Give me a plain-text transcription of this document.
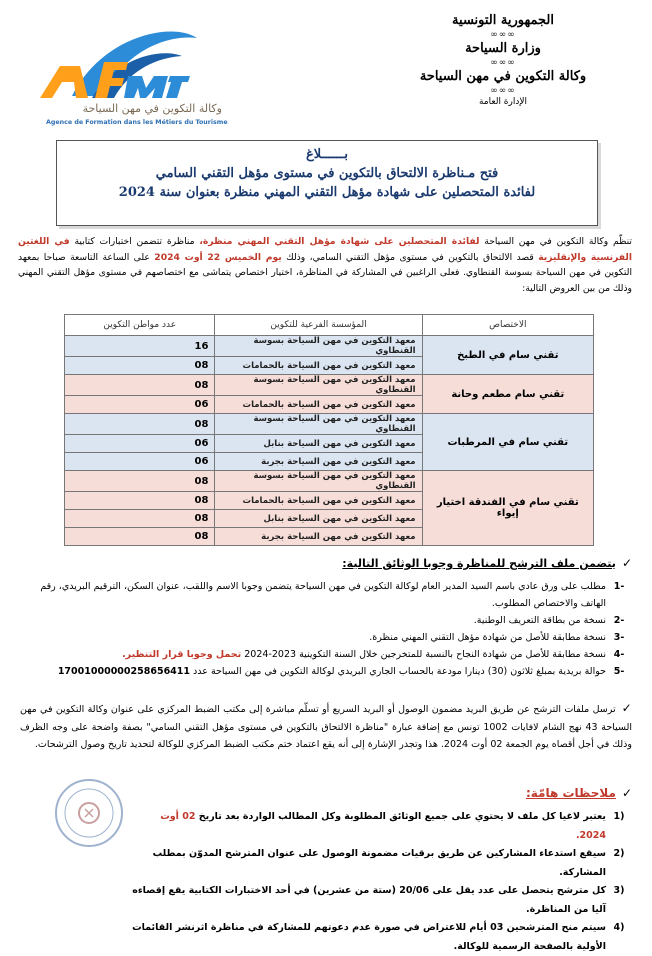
الجمهورية التونسية
∞∞∞
وزارة السياحة
∞∞∞
وكالة التكوين في مهن السياحة
∞∞∞
الإدارة العامة
وكالة التكوين في مهن السياحة
Agence de Formation dans les Métiers du Tourisme
بــــــلاغ
فتح مـناظرة الالتحاق بالتكوين في مستوى مؤهل التقني السامي
لفائدة المتحصلين على شهادة مؤهل التقني المهني منظرة بعنوان سنة 2024
تنظّم وكالة التكوين في مهن السياحة لفائدة المتحصلين على شهادة مؤهل التقني المهني منظرة، مناظرة تتضمن اختبارات كتابية في اللغتين الفرنسية والإنقليزية قصد الالتحاق بالتكوين في مستوى مؤهل التقني السامي، وذلك يوم الخميس 22 أوت 2024 على الساعة التاسعة صباحا بمعهد التكوين في مهن السياحة بسوسة القنطاوي. فعلى الراغبين في المشاركة في المناظرة، اختيار اختصاص يتماشى مع اختصاصهم في مستوى مؤهل التقني المهني وذلك من بين العروض التالية:
الاختصاص	المؤسسة الفرعية للتكوين	عدد مواطن التكوين
تقني سام في الطبخ	معهد التكوين في مهن السياحة بسوسة القنطاوي	16
	معهد التكوين في مهن السياحة بالحمامات	08
تقني سام مطعم وحانة	معهد التكوين في مهن السياحة بسوسة القنطاوي	08
	معهد التكوين في مهن السياحة بالحمامات	06
تقني سام في المرطبات	معهد التكوين في مهن السياحة بسوسة القنطاوي	08
	معهد التكوين في مهن السياحة بنابل	06
	معهد التكوين في مهن السياحة بجربة	06
تقني سام في الفندقة اختيار إيواء	معهد التكوين في مهن السياحة بسوسة القنطاوي	08
	معهد التكوين في مهن السياحة بالحمامات	08
	معهد التكوين في مهن السياحة بنابل	08
	معهد التكوين في مهن السياحة بجربة	08
✓يتضمن ملف الترشح للمناظرة وجوبا الوثائق التالية:
-1
مطلب على ورق عادي باسم السيد المدير العام لوكالة التكوين في مهن السياحة يتضمن وجوبا الاسم واللقب، عنوان السكن، الترقيم البريدي، رقم الهاتف والاختصاص المطلوب.
-2
نسخة من بطاقة التعريف الوطنية.
-3
نسخة مطابقة للأصل من شهادة مؤهل التقني المهني منظرة.
-4
نسخة مطابقة للأصل من شهادة النجاح بالنسبة للمتخرجين خلال السنة التكوينية 2023-2024 تحمل وجوبا قرار التنظير.
-5
حوالة بريدية بمبلغ ثلاثون (30) دينارا مودعة بالحساب الجاري البريدي لوكالة التكوين في مهن السياحة عدد 17001000000258656411
✓ترسل ملفات الترشح عن طريق البريد مضمون الوصول أو البريد السريع أو تسلّم مباشرة إلى مكتب الضبط المركزي على عنوان وكالة التكوين في مهن السياحة 43 نهج الشام لافايات 1002 تونس مع إضافة عبارة "مناظرة الالتحاق بالتكوين في مستوى مؤهل التقني السامي" بصفة واضحة على وجه الظرف وذلك في أجل أقصاه يوم الجمعة 02 أوت 2024. هذا وتجدر الإشارة إلى أنه يقع اعتماد ختم مكتب الضبط المركزي للوكالة لتحديد تاريخ وصول الترشحات.
✓ملاحظات هامّة:
(1
يعتبر لاغيا كل ملف لا يحتوي على جميع الوثائق المطلوبة وكل المطالب الواردة بعد تاريخ 02 أوت 2024.
(2
سيقع استدعاء المشاركين عن طريق برقيات مضمونة الوصول على عنوان المترشح المدوّن بمطلب المشاركة.
(3
كل مترشح يتحصل على عدد يقل على 20/06 (ستة من عشرين) في أحد الاختبارات الكتابية يقع إقصاءه آليا من المناظرة.
(4
سيتم منح المترشحين 03 أيام للاعتراض في صورة عدم دعوتهم للمشاركة في مناظرة اثرنشر القائمات الأولية بالصفحة الرسمية للوكالة.
